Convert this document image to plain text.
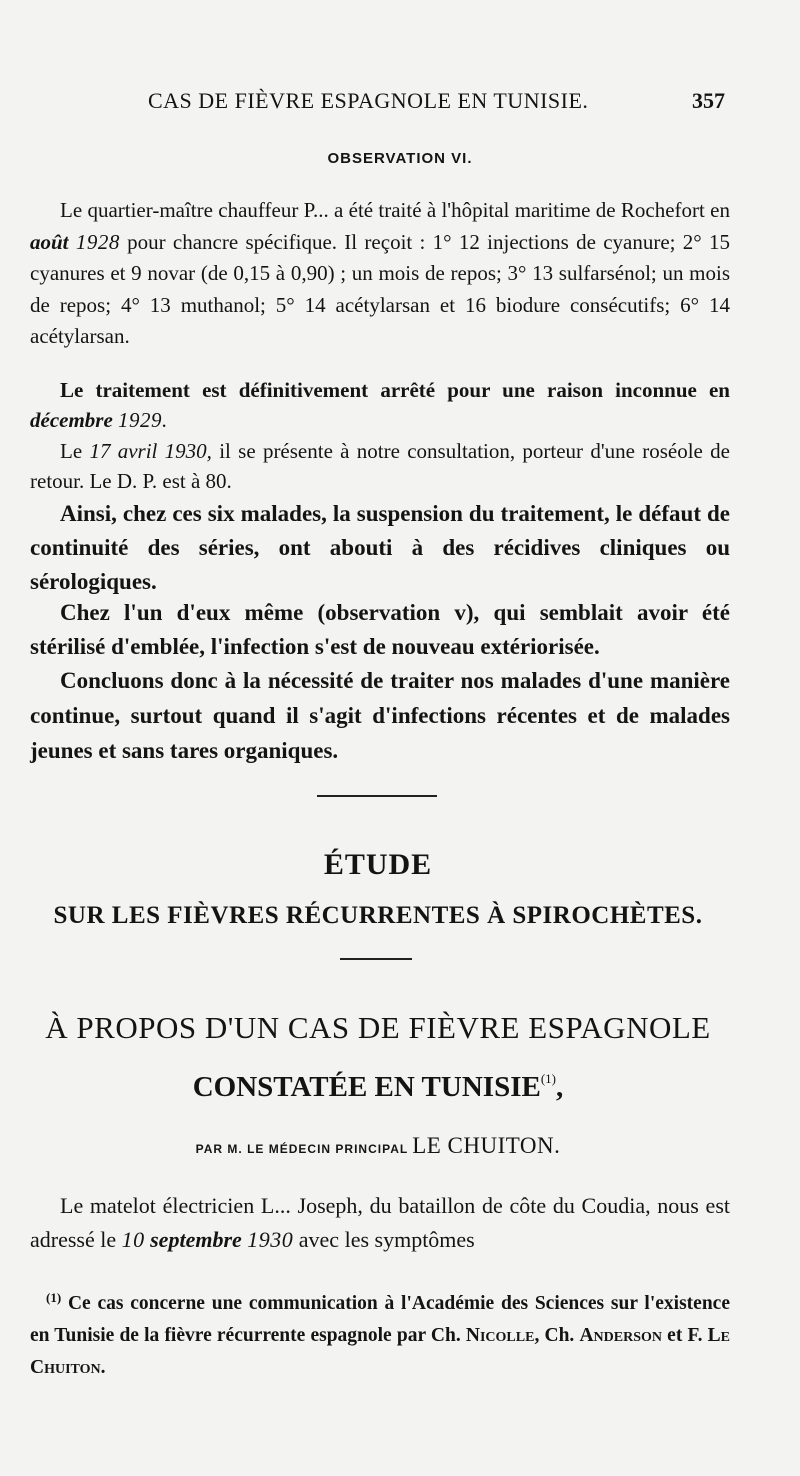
CAS DE FIÈVRE ESPAGNOLE EN TUNISIE.	357
OBSERVATION VI.

Le quartier-maître chauffeur P... a été traité à l'hôpital maritime de Rochefort en août 1928 pour chancre spécifique. Il reçoit : 1° 12 injections de cyanure; 2° 15 cyanures et 9 novar (de 0,15 à 0,90) ; un mois de repos; 3° 13 sulfarsénol; un mois de repos; 4° 13 muthanol; 5° 14 acétylarsan et 16 biodure consécutifs; 6° 14 acétylarsan.

Le traitement est définitivement arrêté pour une raison inconnue en décembre 1929.

Le 17 avril 1930, il se présente à notre consultation, porteur d'une roséole de retour. Le D. P. est à 80.

Ainsi, chez ces six malades, la suspension du traitement, le défaut de continuité des séries, ont abouti à des récidives cliniques ou sérologiques.

Chez l'un d'eux même (observation v), qui semblait avoir été stérilisé d'emblée, l'infection s'est de nouveau extériorisée.

Concluons donc à la nécessité de traiter nos malades d'une manière continue, surtout quand il s'agit d'infections récentes et de malades jeunes et sans tares organiques.

ÉTUDE
SUR LES FIÈVRES RÉCURRENTES À SPIROCHÈTES.
À PROPOS D'UN CAS DE FIÈVRE ESPAGNOLE
CONSTATÉE EN TUNISIE$^{(1)}$,
PAR M. LE MÉDECIN PRINCIPAL LE CHUITON.

Le matelot électricien L... Joseph, du bataillon de côte du Coudia, nous est adressé le 10 septembre 1930 avec les symptômes

$^{(1)}$ Ce cas concerne une communication à l'Académie des Sciences sur l'existence en Tunisie de la fièvre récurrente espagnole par Ch. Nicolle, Ch. Anderson et F. Le Chuiton.
